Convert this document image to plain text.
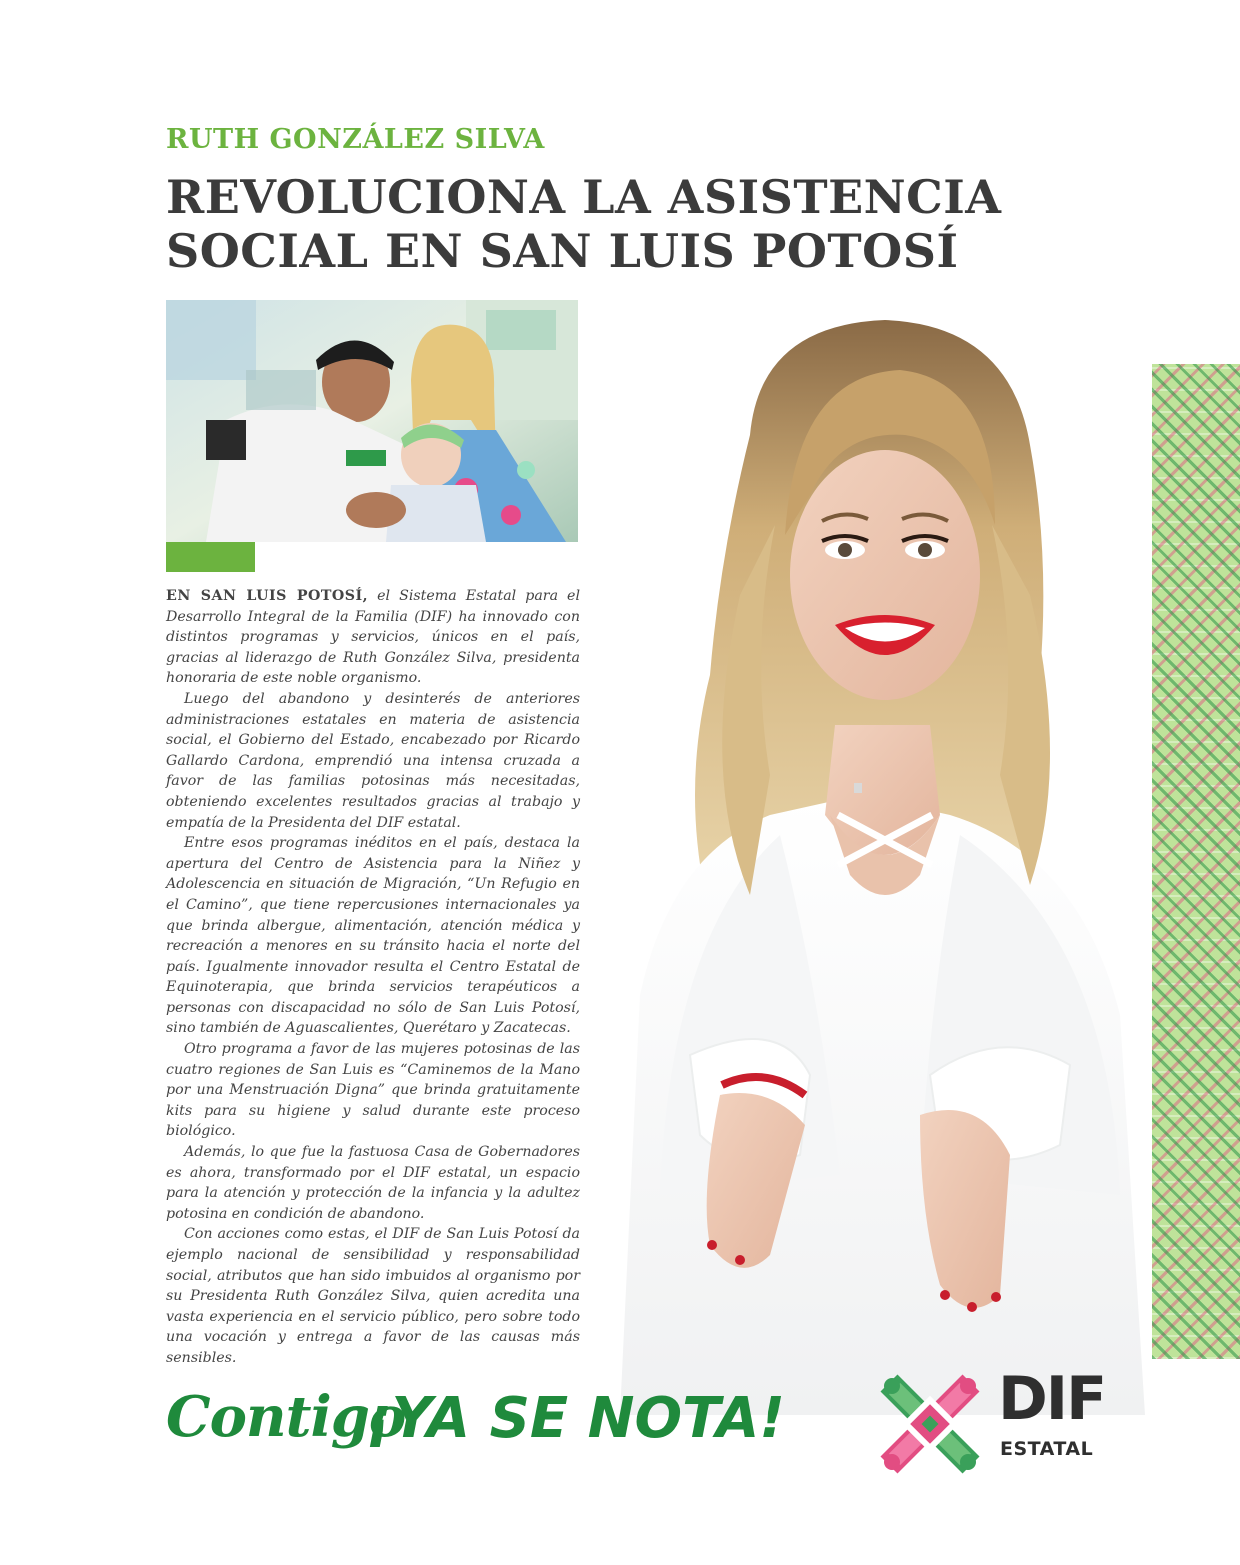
RUTH GONZÁLEZ SILVA
REVOLUCIONA LA ASISTENCIA
SOCIAL EN SAN LUIS POTOSÍ

EN SAN LUIS POTOSÍ, el Sistema Estatal para el Desarrollo Integral de la Familia (DIF) ha innovado con distintos programas y servicios, únicos en el país, gracias al liderazgo de Ruth González Silva, presidenta honoraria de este noble organismo.

Luego del abandono y desinterés de anteriores administraciones estatales en materia de asistencia social, el Gobierno del Estado, encabezado por Ricardo Gallardo Cardona, emprendió una intensa cruzada a favor de las familias potosinas más necesitadas, obteniendo excelentes resultados gracias al trabajo y empatía de la Presidenta del DIF estatal.

Entre esos programas inéditos en el país, destaca la apertura del Centro de Asistencia para la Niñez y Adolescencia en situación de Migración, “Un Refugio en el Camino”, que tiene repercusiones internacionales ya que brinda albergue, alimentación, atención médica y recreación a menores en su tránsito hacia el norte del país. Igualmente innovador resulta el Centro Estatal de Equinoterapia, que brinda servicios terapéuticos a personas con discapacidad no sólo de San Luis Potosí, sino también de Aguascalientes, Querétaro y Zacatecas.

Otro programa a favor de las mujeres potosinas de las cuatro regiones de San Luis es “Caminemos de la Mano por una Menstruación Digna” que brinda gratuitamente kits para su higiene y salud durante este proceso biológico.

Además, lo que fue la fastuosa Casa de Gobernadores es ahora, transformado por el DIF estatal, un espacio para la atención y protección de la infancia y la adultez potosina en condición de abandono.

Con acciones como estas, el DIF de San Luis Potosí da ejemplo nacional de sensibilidad y responsabilidad social, atributos que han sido imbuidos al organismo por su Presidenta Ruth González Silva, quien acredita una vasta experiencia en el servicio público, pero sobre todo una vocación y entrega a favor de las causas más sensibles.

Contigo
¡YA SE NOTA!	DIF
ESTATAL
